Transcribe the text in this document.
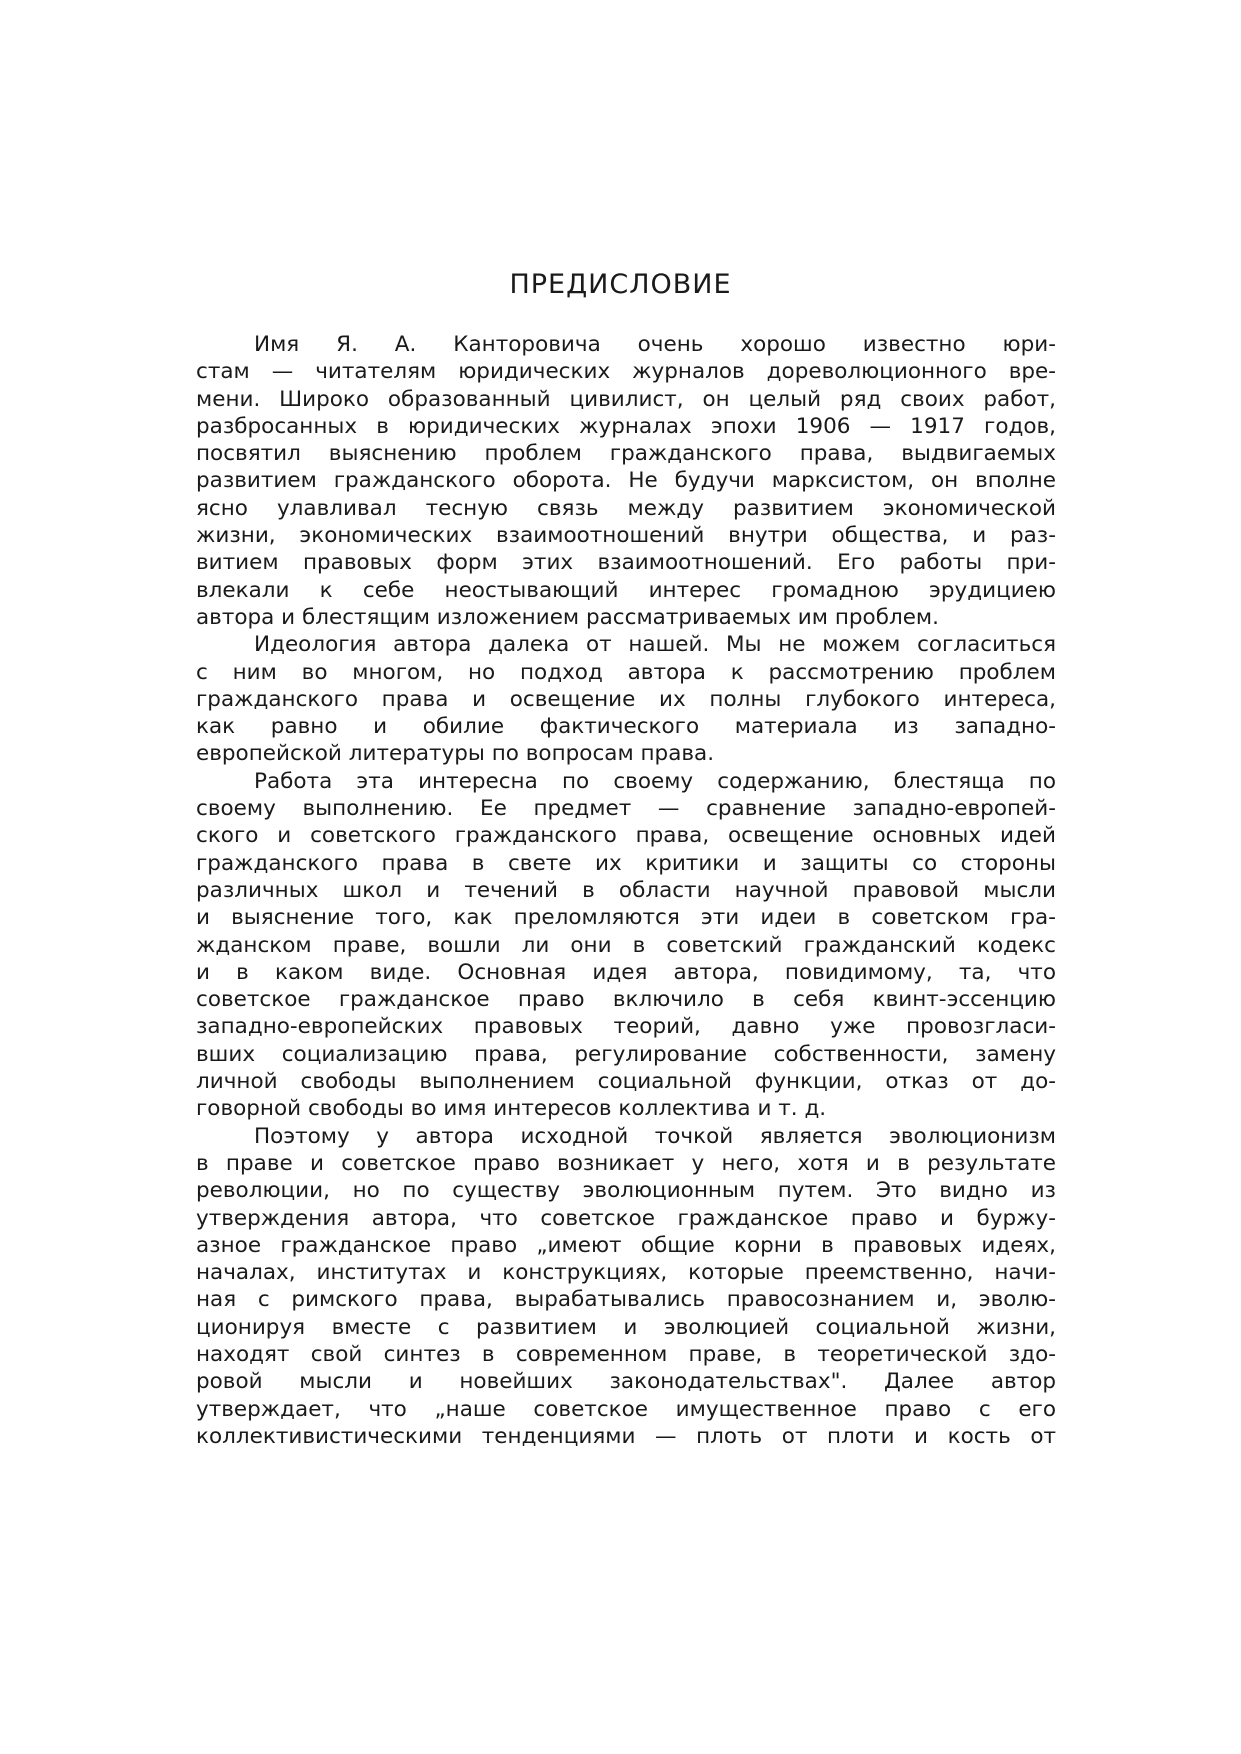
ПРЕДИСЛОВИЕ
Имя Я. А. Канторовича очень хорошо известно юри-
стам — читателям юридических журналов дореволюционного вре-
мени. Широко образованный цивилист, он целый ряд своих работ,
разбросанных в юридических журналах эпохи 1906 — 1917 годов,
посвятил выяснению проблем гражданского права, выдвигаемых
развитием гражданского оборота. Не будучи марксистом, он вполне
ясно улавливал тесную связь между развитием экономической
жизни, экономических взаимоотношений внутри общества, и раз-
витием правовых форм этих взаимоотношений. Его работы при-
влекали к себе неостывающий интерес громадною эрудициею
автора и блестящим изложением рассматриваемых им проблем.
Идеология автора далека от нашей. Мы не можем согласиться
с ним во многом, но подход автора к рассмотрению проблем
гражданского права и освещение их полны глубокого интереса,
как равно и обилие фактического материала из западно-
европейской литературы по вопросам права.
Работа эта интересна по своему содержанию, блестяща по
своему выполнению. Ее предмет — сравнение западно-европей-
ского и советского гражданского права, освещение основных идей
гражданского права в свете их критики и защиты со стороны
различных школ и течений в области научной правовой мысли
и выяснение того, как преломляются эти идеи в советском гра-
жданском праве, вошли ли они в советский гражданский кодекс
и в каком виде. Основная идея автора, повидимому, та, что
советское гражданское право включило в себя квинт-эссенцию
западно-европейских правовых теорий, давно уже провозгласи-
вших социализацию права, регулирование собственности, замену
личной свободы выполнением социальной функции, отказ от до-
говорной свободы во имя интересов коллектива и т. д.
Поэтому у автора исходной точкой является эволюционизм
в праве и советское право возникает у него, хотя и в результате
революции, но по существу эволюционным путем. Это видно из
утверждения автора, что советское гражданское право и буржу-
азное гражданское право „имеют общие корни в правовых идеях,
началах, институтах и конструкциях, которые преемственно, начи-
ная с римского права, вырабатывались правосознанием и, эволю-
ционируя вместе с развитием и эволюцией социальной жизни,
находят свой синтез в современном праве, в теоретической здо-
ровой мысли и новейших законодательствах". Далее автор
утверждает, что „наше советское имущественное право с его
коллективистическими тенденциями — плоть от плоти и кость от
